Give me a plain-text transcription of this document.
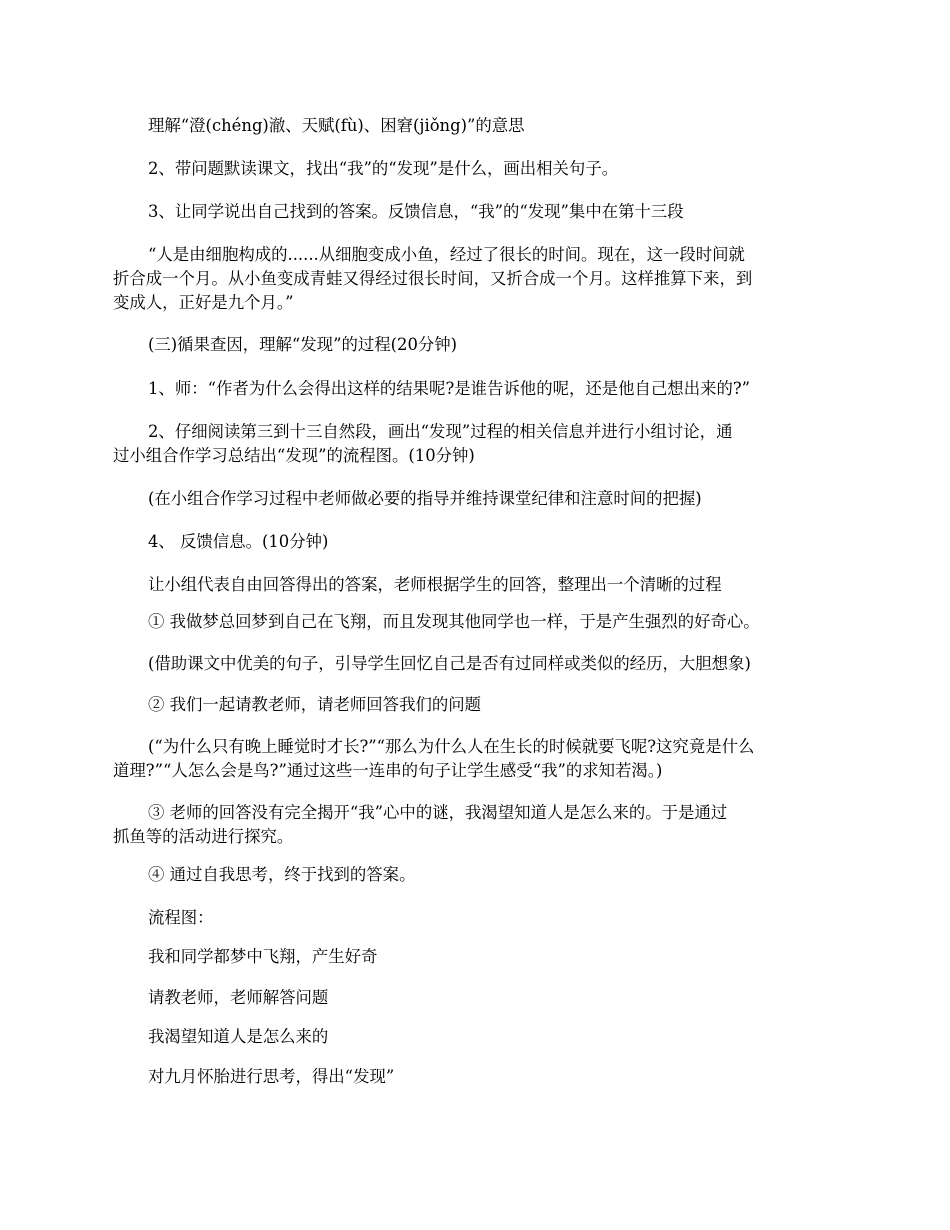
理解“澄(chéng)澈、天赋(fù)、困窘(jiǒng)”的意思

2、带问题默读课文，找出“我”的“发现”是什么，画出相关句子。

3、让同学说出自己找到的答案。反馈信息，“我”的“发现”集中在第十三段

“人是由细胞构成的......从细胞变成小鱼，经过了很长的时间。现在，这一段时间就
折合成一个月。从小鱼变成青蛙又得经过很长时间，又折合成一个月。这样推算下来，到
变成人，正好是九个月。”

(三)循果查因，理解“发现”的过程(20分钟)

1、师：“作者为什么会得出这样的结果呢?是谁告诉他的呢，还是他自己想出来的?”

2、仔细阅读第三到十三自然段，画出“发现”过程的相关信息并进行小组讨论，通
过小组合作学习总结出“发现”的流程图。(10分钟)

(在小组合作学习过程中老师做必要的指导并维持课堂纪律和注意时间的把握)

4、 反馈信息。(10分钟)

让小组代表自由回答得出的答案，老师根据学生的回答，整理出一个清晰的过程

① 我做梦总回梦到自己在飞翔，而且发现其他同学也一样，于是产生强烈的好奇心。

(借助课文中优美的句子，引导学生回忆自己是否有过同样或类似的经历，大胆想象)

② 我们一起请教老师，请老师回答我们的问题

(“为什么只有晚上睡觉时才长?”“那么为什么人在生长的时候就要飞呢?这究竟是什么
道理?”“人怎么会是鸟?”通过这些一连串的句子让学生感受“我”的求知若渴。)

③ 老师的回答没有完全揭开“我”心中的谜，我渴望知道人是怎么来的。于是通过
抓鱼等的活动进行探究。

④ 通过自我思考，终于找到的答案。

流程图：

我和同学都梦中飞翔，产生好奇

请教老师，老师解答问题

我渴望知道人是怎么来的

对九月怀胎进行思考，得出“发现”
